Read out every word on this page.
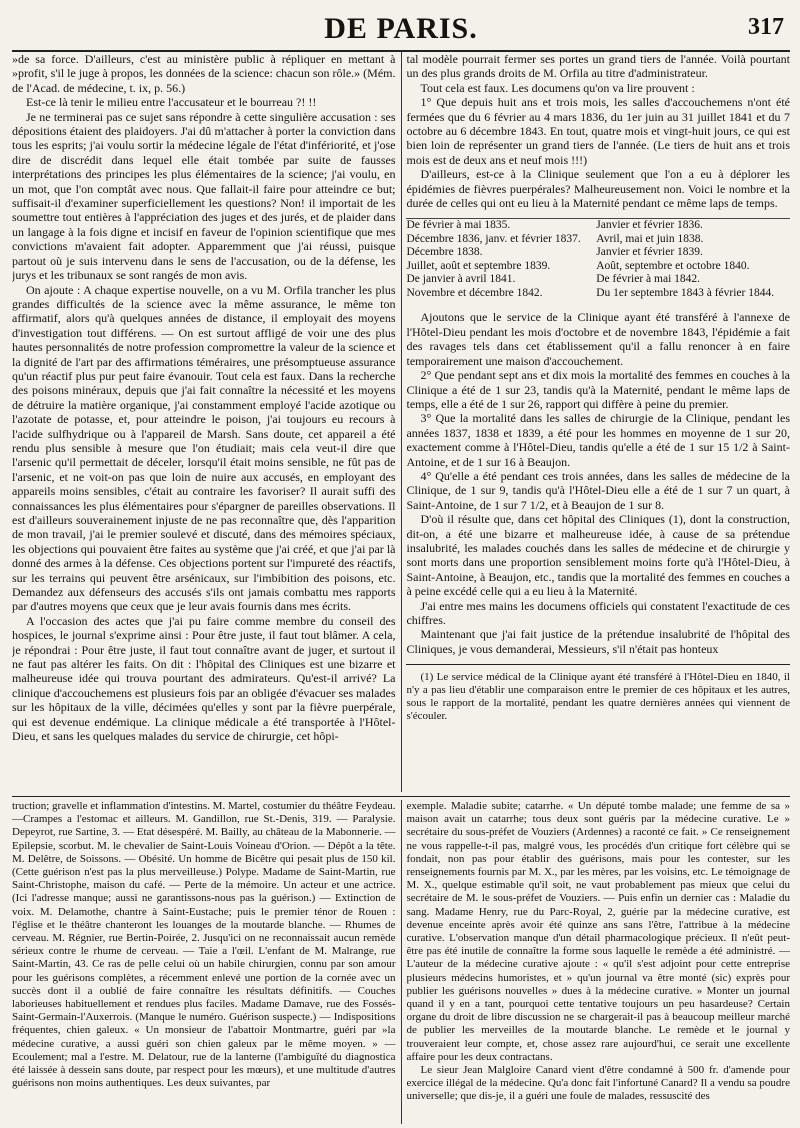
DE PARIS.	317

»de sa force. D'ailleurs, c'est au ministère public à répliquer en mettant à »profit, s'il le juge à propos, les données de la science: chacun son rôle.» (Mém. de l'Acad. de médecine, t. ix, p. 56.)

Est-ce là tenir le milieu entre l'accusateur et le bourreau ?! !!

Je ne terminerai pas ce sujet sans répondre à cette singulière accusation : ses dépositions étaient des plaidoyers. J'ai dû m'attacher à porter la conviction dans tous les esprits; j'ai voulu sortir la médecine légale de l'état d'infériorité, et j'ose dire de discrédit dans lequel elle était tombée par suite de fausses interprétations des principes les plus élémentaires de la science; j'ai voulu, en un mot, que l'on comptât avec nous. Que fallait-il faire pour atteindre ce but; suffisait-il d'examiner superficiellement les questions? Non! il importait de les soumettre tout entières à l'appréciation des juges et des jurés, et de plaider dans un langage à la fois digne et incisif en faveur de l'opinion scientifique que mes convictions m'avaient fait adopter. Apparemment que j'ai réussi, puisque partout où je suis intervenu dans le sens de l'accusation, ou de la défense, les jurys et les tribunaux se sont rangés de mon avis.

On ajoute : A chaque expertise nouvelle, on a vu M. Orfila trancher les plus grandes difficultés de la science avec la même assurance, le même ton affirmatif, alors qu'à quelques années de distance, il employait des moyens d'investigation tout différens. — On est surtout affligé de voir une des plus hautes personnalités de notre profession compromettre la valeur de la science et la dignité de l'art par des affirmations téméraires, une présomptueuse assurance qu'un réactif plus pur peut faire évanouir. Tout cela est faux. Dans la recherche des poisons minéraux, depuis que j'ai fait connaître la nécessité et les moyens de détruire la matière organique, j'ai constamment employé l'acide azotique ou l'azotate de potasse, et, pour atteindre le poison, j'ai toujours eu recours à l'acide sulfhydrique ou à l'appareil de Marsh. Sans doute, cet appareil a été rendu plus sensible à mesure que l'on étudiait; mais cela veut-il dire que l'arsenic qu'il permettait de déceler, lorsqu'il était moins sensible, ne fût pas de l'arsenic, et ne voit-on pas que loin de nuire aux accusés, en employant des appareils moins sensibles, c'était au contraire les favoriser? Il aurait suffi des connaissances les plus élémentaires pour s'épargner de pareilles observations. Il est d'ailleurs souverainement injuste de ne pas reconnaître que, dès l'apparition de mon travail, j'ai le premier soulevé et discuté, dans des mémoires spéciaux, les objections qui pouvaient être faites au système que j'ai créé, et que j'ai par là donné des armes à la défense. Ces objections portent sur l'impureté des réactifs, sur les terrains qui peuvent être arsénicaux, sur l'imbibition des poisons, etc. Demandez aux défenseurs des accusés s'ils ont jamais combattu mes rapports par d'autres moyens que ceux que je leur avais fournis dans mes écrits.

A l'occasion des actes que j'ai pu faire comme membre du conseil des hospices, le journal s'exprime ainsi : Pour être juste, il faut tout blâmer. A cela, je répondrai : Pour être juste, il faut tout connaître avant de juger, et surtout il ne faut pas altérer les faits. On dit : l'hôpital des Cliniques est une bizarre et malheureuse idée qui trouva pourtant des admirateurs. Qu'est-il arrivé? La clinique d'accouchemens est plusieurs fois par an obligée d'évacuer ses malades sur les hôpitaux de la ville, décimées qu'elles y sont par la fièvre puerpérale, qui est devenue endémique. La clinique médicale a été transportée à l'Hôtel-Dieu, et sans les quelques malades du service de chirurgie, cet hôpi-

tal modèle pourrait fermer ses portes un grand tiers de l'année. Voilà pourtant un des plus grands droits de M. Orfila au titre d'administrateur.

Tout cela est faux. Les documens qu'on va lire prouvent :

1° Que depuis huit ans et trois mois, les salles d'accouchemens n'ont été fermées que du 6 février au 4 mars 1836, du 1er juin au 31 juillet 1841 et du 7 octobre au 6 décembre 1843. En tout, quatre mois et vingt-huit jours, ce qui est bien loin de représenter un grand tiers de l'année. (Le tiers de huit ans et trois mois est de deux ans et neuf mois !!!)

D'ailleurs, est-ce à la Clinique seulement que l'on a eu à déplorer les épidémies de fièvres puerpérales? Malheureusement non. Voici le nombre et la durée de celles qui ont eu lieu à la Maternité pendant ce même laps de temps.

De février à mai 1835.	Janvier et février 1836.
Décembre 1836, janv. et février 1837.	Avril, mai et juin 1838.
Décembre 1838.	Janvier et février 1839.
Juillet, août et septembre 1839.	Août, septembre et octobre 1840.
De janvier à avril 1841.	De février à mai 1842.
Novembre et décembre 1842.	Du 1er septembre 1843 à février 1844.

Ajoutons que le service de la Clinique ayant été transféré à l'annexe de l'Hôtel-Dieu pendant les mois d'octobre et de novembre 1843, l'épidémie a fait des ravages tels dans cet établissement qu'il a fallu renoncer à en faire temporairement une maison d'accouchement.

2° Que pendant sept ans et dix mois la mortalité des femmes en couches à la Clinique a été de 1 sur 23, tandis qu'à la Maternité, pendant le même laps de temps, elle a été de 1 sur 26, rapport qui diffère à peine du premier.

3° Que la mortalité dans les salles de chirurgie de la Clinique, pendant les années 1837, 1838 et 1839, a été pour les hommes en moyenne de 1 sur 20, exactement comme à l'Hôtel-Dieu, tandis qu'elle a été de 1 sur 15 1/2 à Saint-Antoine, et de 1 sur 16 à Beaujon.

4° Qu'elle a été pendant ces trois années, dans les salles de médecine de la Clinique, de 1 sur 9, tandis qu'à l'Hôtel-Dieu elle a été de 1 sur 7 un quart, à Saint-Antoine, de 1 sur 7 1/2, et à Beaujon de 1 sur 8.

D'où il résulte que, dans cet hôpital des Cliniques (1), dont la construction, dit-on, a été une bizarre et malheureuse idée, à cause de sa prétendue insalubrité, les malades couchés dans les salles de médecine et de chirurgie y sont morts dans une proportion sensiblement moins forte qu'à l'Hôtel-Dieu, à Saint-Antoine, à Beaujon, etc., tandis que la mortalité des femmes en couches a à peine excédé celle qui a eu lieu à la Maternité.

J'ai entre mes mains les documens officiels qui constatent l'exactitude de ces chiffres.

Maintenant que j'ai fait justice de la prétendue insalubrité de l'hôpital des Cliniques, je vous demanderai, Messieurs, s'il n'était pas honteux

(1) Le service médical de la Clinique ayant été transféré à l'Hôtel-Dieu en 1840, il n'y a pas lieu d'établir une comparaison entre le premier de ces hôpitaux et les autres, sous le rapport de la mortalité, pendant les quatre dernières années qui viennent de s'écouler.

truction; gravelle et inflammation d'intestins. M. Martel, costumier du théâtre Feydeau. —Crampes a l'estomac et ailleurs. M. Gandillon, rue St.-Denis, 319. — Paralysie. Depeyrot, rue Sartine, 3. — Etat désespéré. M. Bailly, au château de la Mabonnerie. — Epilepsie, scorbut. M. le chevalier de Saint-Louis Voineau d'Orion. — Dépôt a la tête. M. Delêtre, de Soissons. — Obésité. Un homme de Bicêtre qui pesait plus de 150 kil. (Cette guérison n'est pas la plus merveilleuse.) Polype. Madame de Saint-Martin, rue Saint-Christophe, maison du café. — Perte de la mémoire. Un acteur et une actrice. (Ici l'adresse manque; aussi ne garantissons-nous pas la guérison.) — Extinction de voix. M. Delamothe, chantre à Saint-Eustache; puis le premier ténor de Rouen : l'église et le théâtre chanteront les louanges de la moutarde blanche. — Rhumes de cerveau. M. Régnier, rue Bertin-Poirée, 2. Jusqu'ici on ne reconnaissait aucun remède sérieux contre le rhume de cerveau. — Taie a l'œil. L'enfant de M. Malrange, rue Saint-Martin, 43. Ce ras de pelle celui où un habile chirurgien, connu par son amour pour les guérisons complètes, a récemment enlevé une portion de la cornée avec un succès dont il a oublié de faire connaître les résultats définitifs. — Couches laborieuses habituellement et rendues plus faciles. Madame Damave, rue des Fossés-Saint-Germain-l'Auxerrois. (Manque le numéro. Guérison suspecte.) — Indispositions fréquentes, chien galeux. « Un monsieur de l'abattoir Montmartre, guéri par »la médecine curative, a aussi guéri son chien galeux par le même moyen. » — Ecoulement; mal a l'estre. M. Delatour, rue de la lanterne (l'ambiguïté du diagnostica été laissée à dessein sans doute, par respect pour les mœurs), et une multitude d'autres guérisons non moins authentiques. Les deux suivantes, par

exemple. Maladie subite; catarrhe. « Un député tombe malade; une femme de sa » maison avait un catarrhe; tous deux sont guéris par la médecine curative. Le » secrétaire du sous-préfet de Vouziers (Ardennes) a raconté ce fait. » Ce renseignement ne vous rappelle-t-il pas, malgré vous, les procédés d'un critique fort célèbre qui se fondait, non pas pour établir des guérisons, mais pour les contester, sur les renseignements fournis par M. X., par les mères, par les voisins, etc. Le témoignage de M. X., quelque estimable qu'il soit, ne vaut probablement pas mieux que celui du secrétaire de M. le sous-préfet de Vouziers. — Puis enfin un dernier cas : Maladie du sang. Madame Henry, rue du Parc-Royal, 2, guérie par la médecine curative, est devenue enceinte après avoir été quinze ans sans l'être, l'attribue à la médecine curative. L'observation manque d'un détail pharmacologique précieux. Il n'eût peut-être pas été inutile de connaître la forme sous laquelle le remède a été administré. — L'auteur de la médecine curative ajoute : « qu'il s'est adjoint pour cette entreprise plusieurs médecins humoristes, et » qu'un journal va être monté (sic) exprès pour publier les guérisons nouvelles » dues à la médecine curative. » Monter un journal quand il y en a tant, pourquoi cette tentative toujours un peu hasardeuse? Certain organe du droit de libre discussion ne se chargerait-il pas à beaucoup meilleur marché de publier les merveilles de la moutarde blanche. Le remède et le journal y trouveraient leur compte, et, chose assez rare aujourd'hui, ce serait une excellente affaire pour les deux contractans.

Le sieur Jean Malgloire Canard vient d'être condamné à 500 fr. d'amende pour exercice illégal de la médecine. Qu'a donc fait l'infortuné Canard? Il a vendu sa poudre universelle; que dis-je, il a guéri une foule de malades, ressuscité des
